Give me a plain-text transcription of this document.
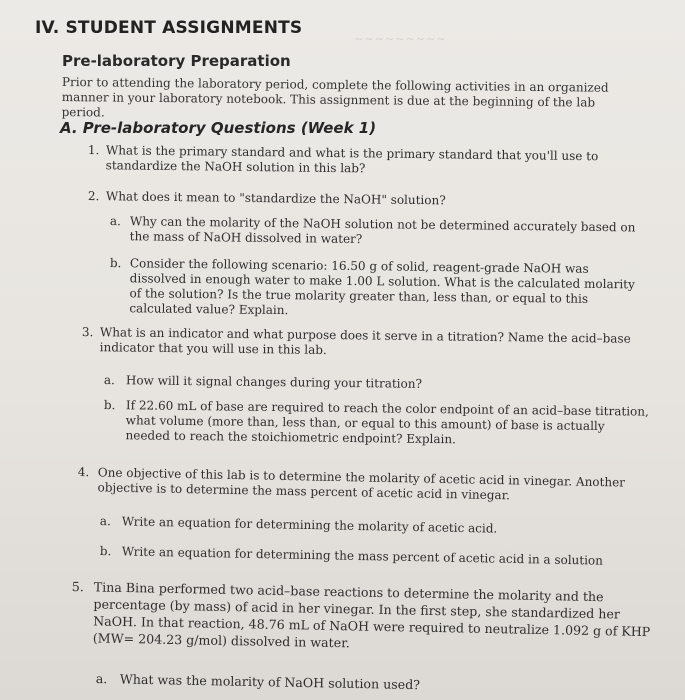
IV. STUDENT ASSIGNMENTS
~ ~ ~ ~ ~ ~ ~ ~ ~
Pre-laboratory Preparation
Prior to attending the laboratory period, complete the following activities in an organized manner in your laboratory notebook. This assignment is due at the beginning of the lab period.
A. Pre-laboratory Questions (Week 1)
1. What is the primary standard and what is the primary standard that you'll use to standardize the NaOH solution in this lab?
2. What does it mean to "standardize the NaOH" solution?
a. Why can the molarity of the NaOH solution not be determined accurately based on the mass of NaOH dissolved in water?
b. Consider the following scenario: 16.50 g of solid, reagent-grade NaOH was dissolved in enough water to make 1.00 L solution. What is the calculated molarity of the solution? Is the true molarity greater than, less than, or equal to this calculated value? Explain.
3. What is an indicator and what purpose does it serve in a titration? Name the acid–base indicator that you will use in this lab.
a. How will it signal changes during your titration?
b. If 22.60 mL of base are required to reach the color endpoint of an acid–base titration, what volume (more than, less than, or equal to this amount) of base is actually needed to reach the stoichiometric endpoint? Explain.
4. One objective of this lab is to determine the molarity of acetic acid in vinegar. Another objective is to determine the mass percent of acetic acid in vinegar.
a. Write an equation for determining the molarity of acetic acid.
b. Write an equation for determining the mass percent of acetic acid in a solution
5. Tina Bina performed two acid–base reactions to determine the molarity and the percentage (by mass) of acid in her vinegar. In the first step, she standardized her NaOH. In that reaction, 48.76 mL of NaOH were required to neutralize 1.092 g of KHP (MW= 204.23 g/mol) dissolved in water.
a. What was the molarity of NaOH solution used?
